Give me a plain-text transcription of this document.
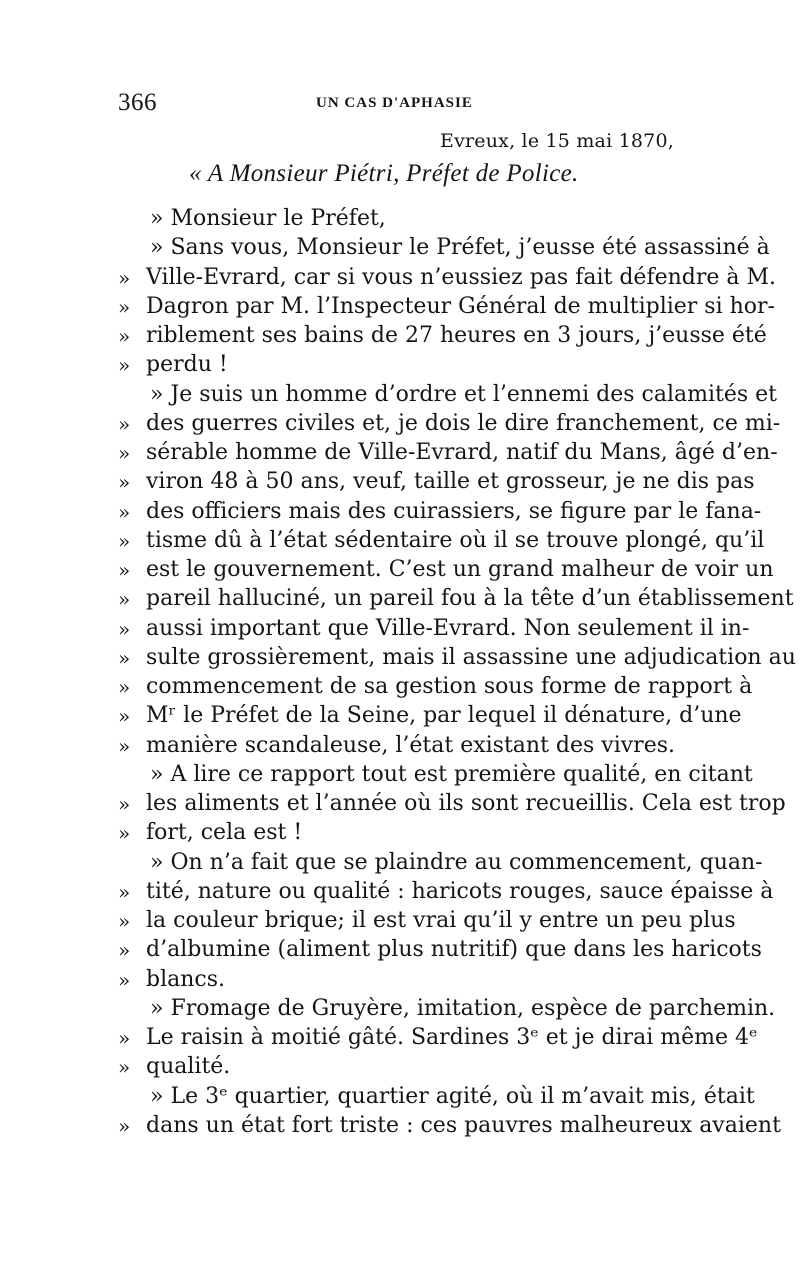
366	UN CAS D'APHASIE
Evreux, le 15 mai 1870,
« A Monsieur Piétri, Préfet de Police.
» Monsieur le Préfet,
» Sans vous, Monsieur le Préfet, j’eusse été assassiné à
» Ville-Evrard, car si vous n’eussiez pas fait défendre à M.
» Dagron par M. l’Inspecteur Général de multiplier si hor-
» riblement ses bains de 27 heures en 3 jours, j’eusse été
» perdu !
» Je suis un homme d’ordre et l’ennemi des calamités et
» des guerres civiles et, je dois le dire franchement, ce mi-
» sérable homme de Ville-Evrard, natif du Mans, âgé d’en-
» viron 48 à 50 ans, veuf, taille et grosseur, je ne dis pas
» des officiers mais des cuirassiers, se figure par le fana-
» tisme dû à l’état sédentaire où il se trouve plongé, qu’il
» est le gouvernement. C’est un grand malheur de voir un
» pareil halluciné, un pareil fou à la tête d’un établissement
» aussi important que Ville-Evrard. Non seulement il in-
» sulte grossièrement, mais il assassine une adjudication au
» commencement de sa gestion sous forme de rapport à
» Mʳ le Préfet de la Seine, par lequel il dénature, d’une
» manière scandaleuse, l’état existant des vivres.
» A lire ce rapport tout est première qualité, en citant
» les aliments et l’année où ils sont recueillis. Cela est trop
» fort, cela est !
» On n’a fait que se plaindre au commencement, quan-
» tité, nature ou qualité : haricots rouges, sauce épaisse à
» la couleur brique; il est vrai qu’il y entre un peu plus
» d’albumine (aliment plus nutritif) que dans les haricots
» blancs.
» Fromage de Gruyère, imitation, espèce de parchemin.
» Le raisin à moitié gâté. Sardines 3ᵉ et je dirai même 4ᵉ
» qualité.
» Le 3ᵉ quartier, quartier agité, où il m’avait mis, était
» dans un état fort triste : ces pauvres malheureux avaient
